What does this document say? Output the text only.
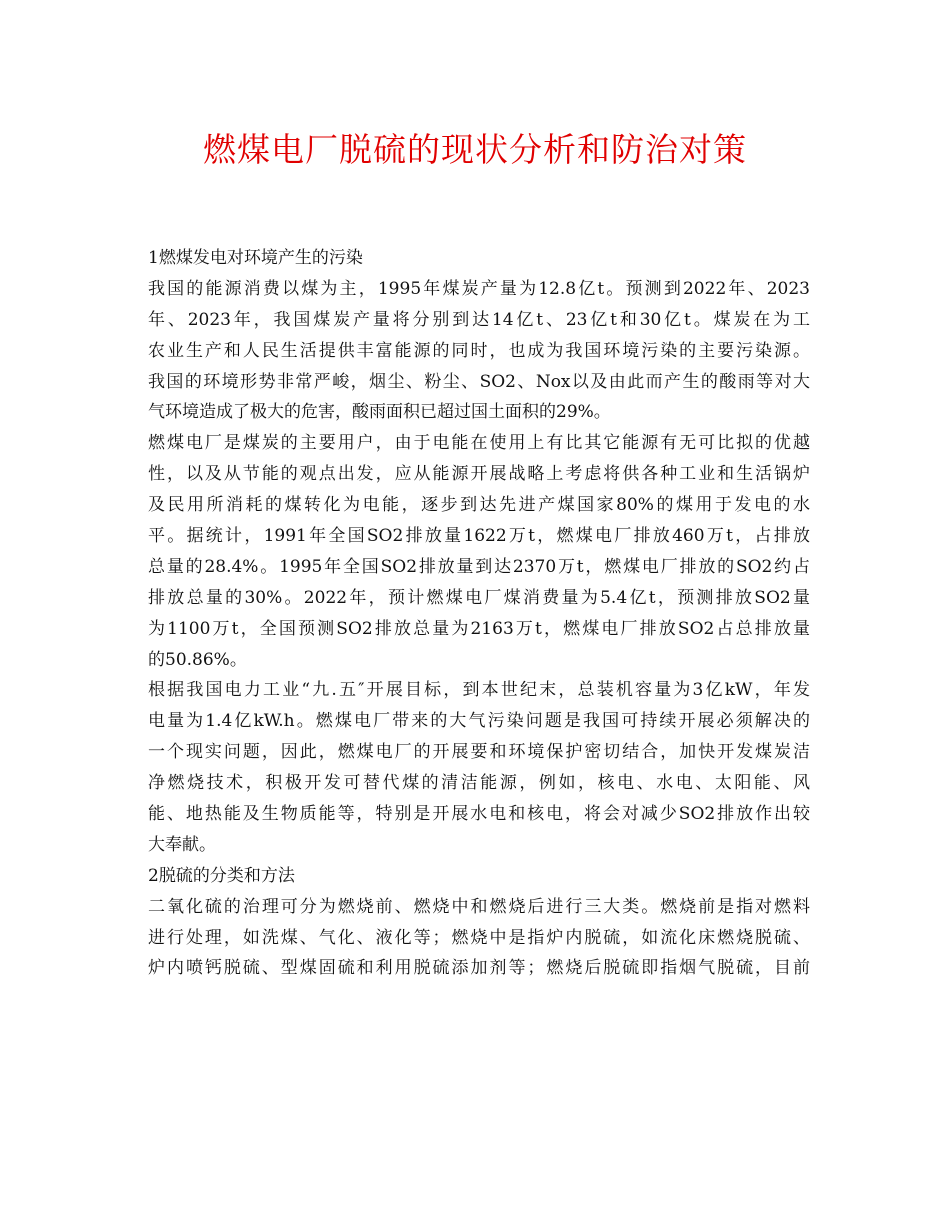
燃煤电厂脱硫的现状分析和防治对策
1燃煤发电对环境产生的污染
我国的能源消费以煤为主，1995年煤炭产量为12.8亿t。预测到2022年、2023
年、2023年，我国煤炭产量将分别到达14亿t、23亿t和30亿t。煤炭在为工
农业生产和人民生活提供丰富能源的同时，也成为我国环境污染的主要污染源。
我国的环境形势非常严峻，烟尘、粉尘、SO2、Nox以及由此而产生的酸雨等对大
气环境造成了极大的危害，酸雨面积已超过国土面积的29%。
燃煤电厂是煤炭的主要用户，由于电能在使用上有比其它能源有无可比拟的优越
性，以及从节能的观点出发，应从能源开展战略上考虑将供各种工业和生活锅炉
及民用所消耗的煤转化为电能，逐步到达先进产煤国家80%的煤用于发电的水
平。据统计，1991年全国SO2排放量1622万t，燃煤电厂排放460万t，占排放
总量的28.4%。1995年全国SO2排放量到达2370万t，燃煤电厂排放的SO2约占
排放总量的30%。2022年，预计燃煤电厂煤消费量为5.4亿t，预测排放SO2量
为1100万t，全国预测SO2排放总量为2163万t，燃煤电厂排放SO2占总排放量
的50.86%。
根据我国电力工业“九.五″开展目标，到本世纪末，总装机容量为3亿kW，年发
电量为1.4亿kW.h。燃煤电厂带来的大气污染问题是我国可持续开展必须解决的
一个现实问题，因此，燃煤电厂的开展要和环境保护密切结合，加快开发煤炭洁
净燃烧技术，积极开发可替代煤的清洁能源，例如，核电、水电、太阳能、风
能、地热能及生物质能等，特别是开展水电和核电，将会对减少SO2排放作出较
大奉献。
2脱硫的分类和方法
二氧化硫的治理可分为燃烧前、燃烧中和燃烧后进行三大类。燃烧前是指对燃料
进行处理，如洗煤、气化、液化等；燃烧中是指炉内脱硫，如流化床燃烧脱硫、
炉内喷钙脱硫、型煤固硫和利用脱硫添加剂等；燃烧后脱硫即指烟气脱硫，目前
